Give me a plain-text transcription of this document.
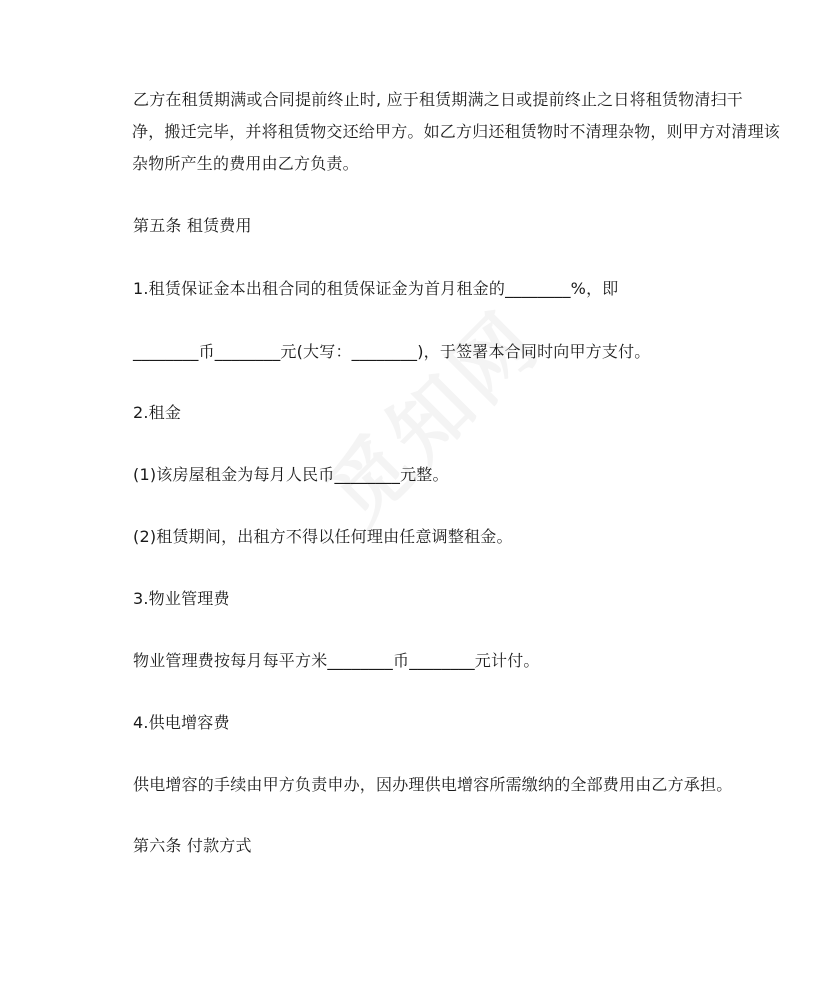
乙方在租赁期满或合同提前终止时, 应于租赁期满之日或提前终止之日将租赁物清扫干
净，搬迁完毕，并将租赁物交还给甲方。如乙方归还租赁物时不清理杂物，则甲方对清理该
杂物所产生的费用由乙方负责。
第五条 租赁费用
1.租赁保证金本出租合同的租赁保证金为首月租金的________%，即
________币________元(大写：________)，于签署本合同时向甲方支付。
2.租金
(1)该房屋租金为每月人民币________元整。
(2)租赁期间，出租方不得以任何理由任意调整租金。
3.物业管理费
物业管理费按每月每平方米________币________元计付。
4.供电增容费
供电增容的手续由甲方负责申办，因办理供电增容所需缴纳的全部费用由乙方承担。
第六条 付款方式
